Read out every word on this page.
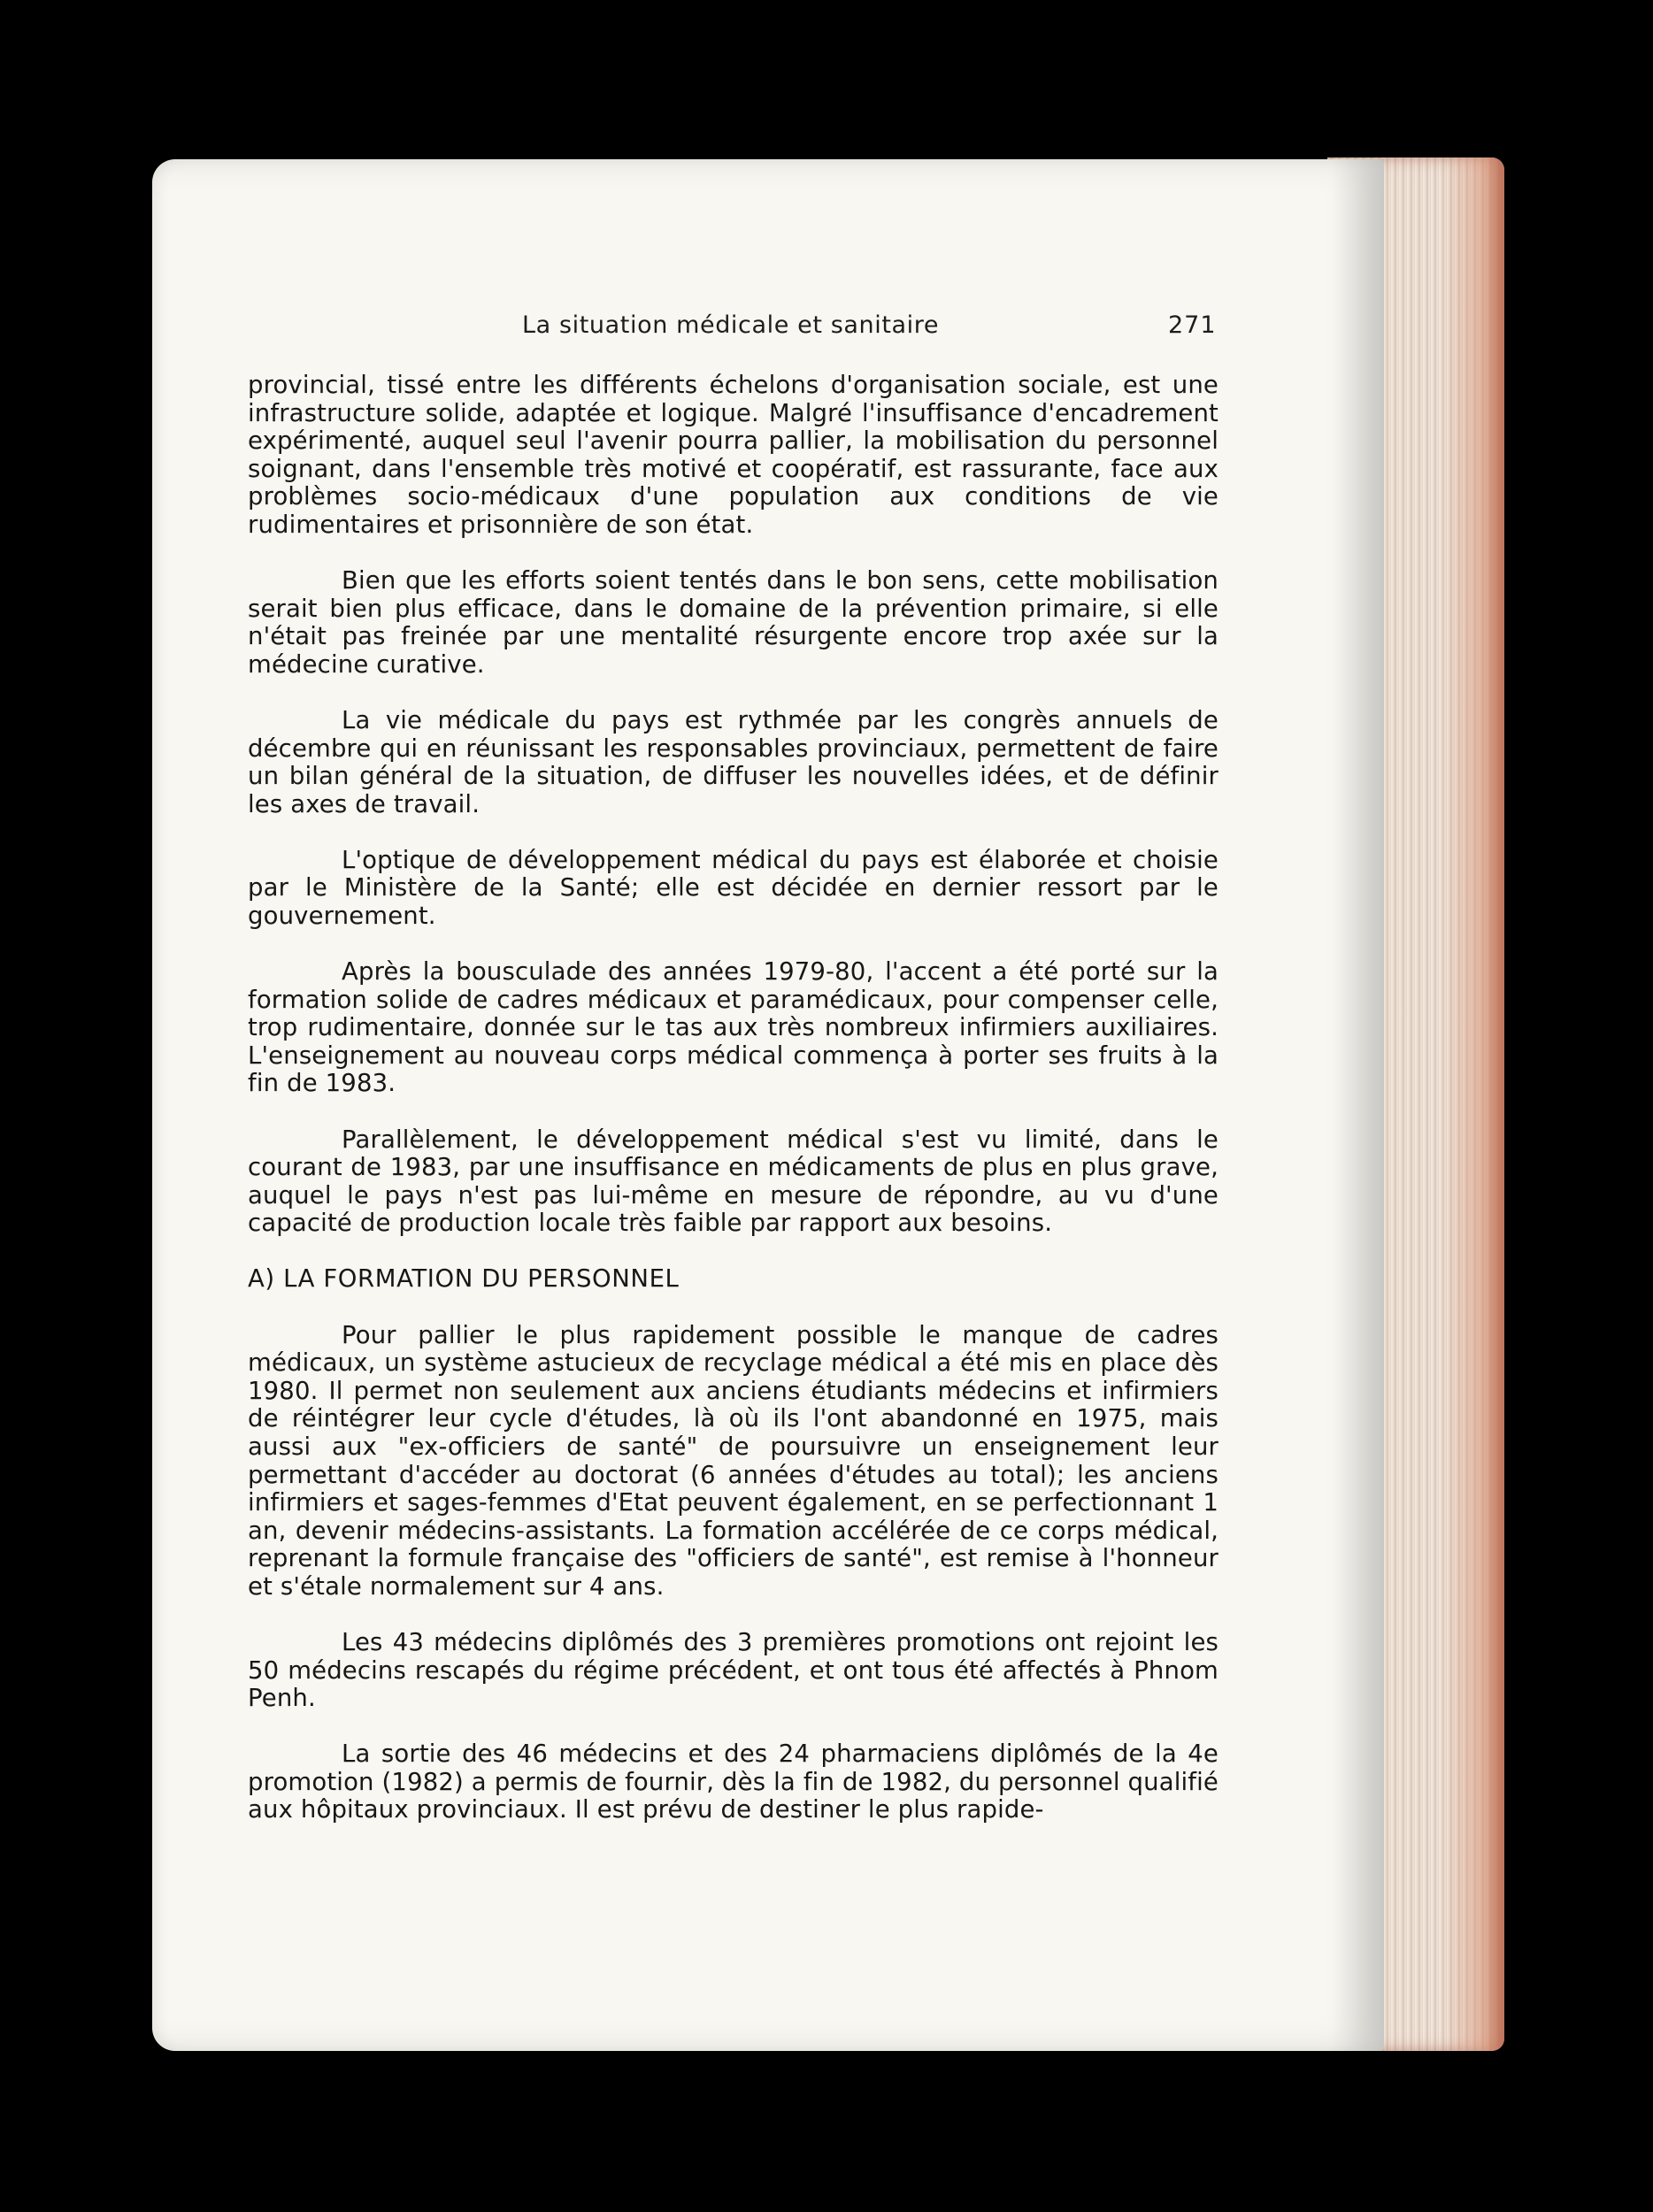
La situation médicale et sanitaire	271

provincial, tissé entre les différents échelons d'organisation sociale, est une infrastructure solide, adaptée et logique. Malgré l'insuffisance d'encadrement expérimenté, auquel seul l'avenir pourra pallier, la mobilisation du personnel soignant, dans l'ensemble très motivé et coopératif, est rassurante, face aux problèmes socio-médicaux d'une population aux conditions de vie rudimentaires et prisonnière de son état.

Bien que les efforts soient tentés dans le bon sens, cette mobilisation serait bien plus efficace, dans le domaine de la prévention primaire, si elle n'était pas freinée par une mentalité résurgente encore trop axée sur la médecine curative.

La vie médicale du pays est rythmée par les congrès annuels de décembre qui en réunissant les responsables provinciaux, permettent de faire un bilan général de la situation, de diffuser les nouvelles idées, et de définir les axes de travail.

L'optique de développement médical du pays est élaborée et choisie par le Ministère de la Santé; elle est décidée en dernier ressort par le gouvernement.

Après la bousculade des années 1979-80, l'accent a été porté sur la formation solide de cadres médicaux et paramédicaux, pour compenser celle, trop rudimentaire, donnée sur le tas aux très nombreux infirmiers auxiliaires. L'enseignement au nouveau corps médical commença à porter ses fruits à la fin de 1983.

Parallèlement, le développement médical s'est vu limité, dans le courant de 1983, par une insuffisance en médicaments de plus en plus grave, auquel le pays n'est pas lui-même en mesure de répondre, au vu d'une capacité de production locale très faible par rapport aux besoins.

A) LA FORMATION DU PERSONNEL

Pour pallier le plus rapidement possible le manque de cadres médicaux, un système astucieux de recyclage médical a été mis en place dès 1980. Il permet non seulement aux anciens étudiants médecins et infirmiers de réintégrer leur cycle d'études, là où ils l'ont abandonné en 1975, mais aussi aux "ex-officiers de santé" de poursuivre un enseignement leur permettant d'accéder au doctorat (6 années d'études au total); les anciens infirmiers et sages-femmes d'Etat peuvent également, en se perfectionnant 1 an, devenir médecins-assistants. La formation accélérée de ce corps médical, reprenant la formule française des "officiers de santé", est remise à l'honneur et s'étale normalement sur 4 ans.

Les 43 médecins diplômés des 3 premières promotions ont rejoint les 50 médecins rescapés du régime précédent, et ont tous été affectés à Phnom Penh.

La sortie des 46 médecins et des 24 pharmaciens diplômés de la 4e promotion (1982) a permis de fournir, dès la fin de 1982, du personnel qualifié aux hôpitaux provinciaux. Il est prévu de destiner le plus rapide-
